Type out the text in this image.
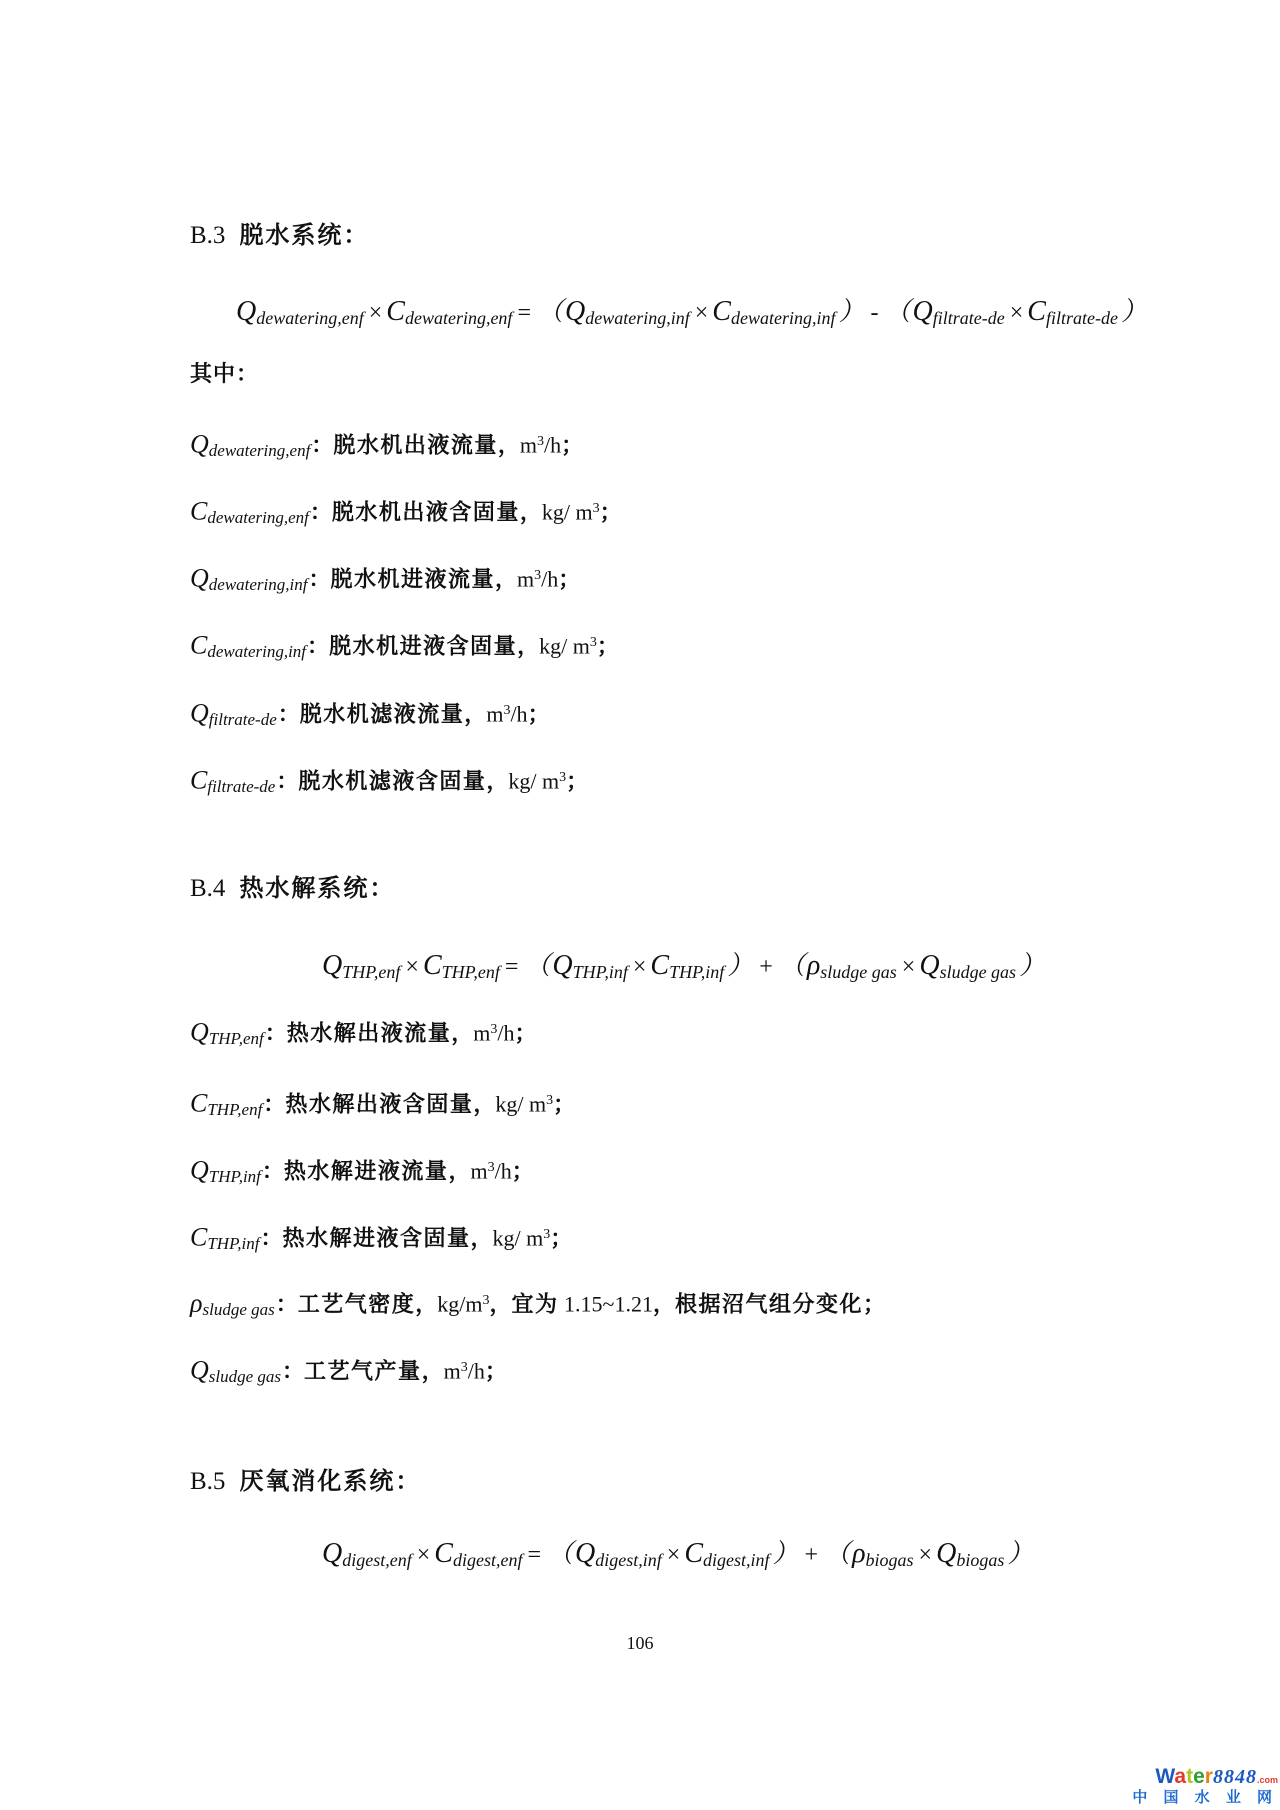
B.3 脱水系统：
Qdewatering,enf × Cdewatering,enf = （Qdewatering,inf × Cdewatering,inf ） - （Qfiltrate-de × Cfiltrate-de ）
其中：
Qdewatering,enf：脱水机出液流量，m3/h；
Cdewatering,enf：脱水机出液含固量，kg/ m3；
Qdewatering,inf：脱水机进液流量，m3/h；
Cdewatering,inf：脱水机进液含固量，kg/ m3；
Qfiltrate-de：脱水机滤液流量，m3/h；
Cfiltrate-de：脱水机滤液含固量，kg/ m3；
B.4 热水解系统：
QTHP,enf × CTHP,enf = （QTHP,inf × CTHP,inf ） + （ρsludge gas × Qsludge gas ）
QTHP,enf：热水解出液流量，m3/h；
CTHP,enf：热水解出液含固量，kg/ m3；
QTHP,inf：热水解进液流量，m3/h；
CTHP,inf：热水解进液含固量，kg/ m3；
ρsludge gas：工艺气密度，kg/m3，宜为 1.15~1.21，根据沼气组分变化；
Qsludge gas：工艺气产量，m3/h；
B.5 厌氧消化系统：
Qdigest,enf × Cdigest,enf = （Qdigest,inf × Cdigest,inf ） + （ρbiogas × Qbiogas ）
106
Water8848.com
中 国 水 业 网
